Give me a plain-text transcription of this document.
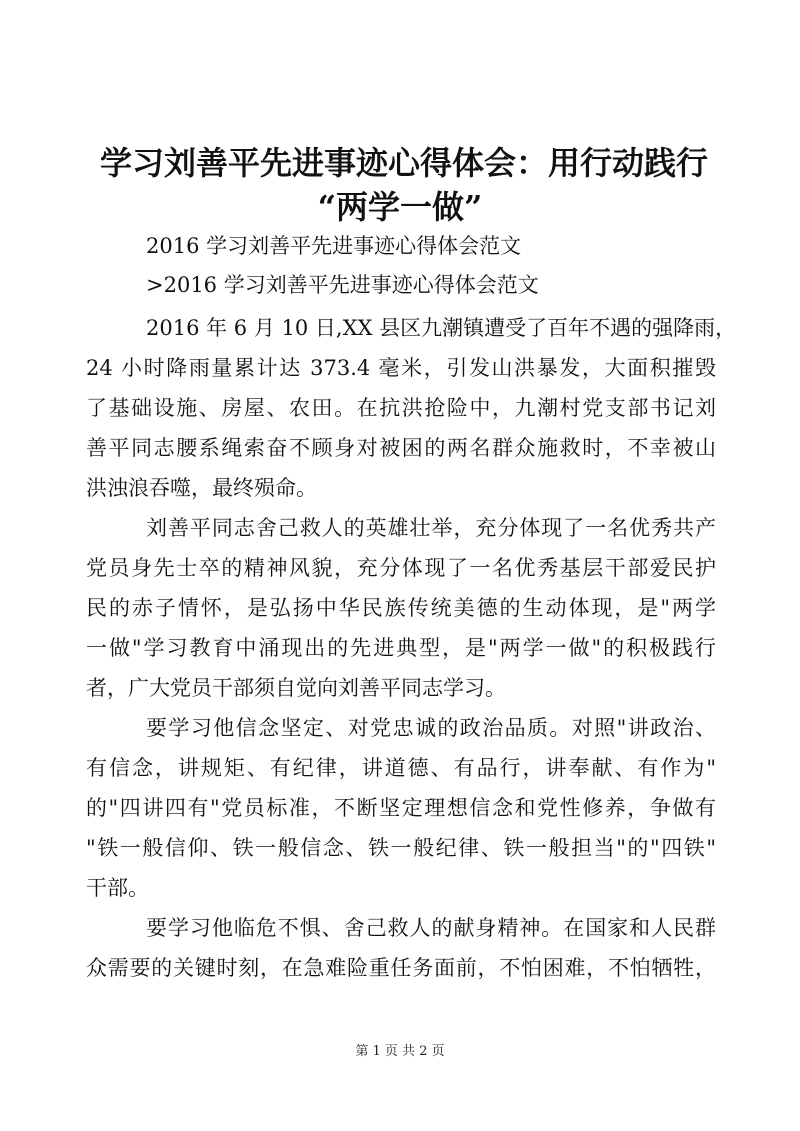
学习刘善平先进事迹心得体会：用行动践行
“两学一做”
2016 学习刘善平先进事迹心得体会范文
>2016 学习刘善平先进事迹心得体会范文
2016 年 6 月 10 日,XX 县区九潮镇遭受了百年不遇的强降雨，
24 小时降雨量累计达 373.4 毫米，引发山洪暴发，大面积摧毁
了基础设施、房屋、农田。在抗洪抢险中，九潮村党支部书记刘
善平同志腰系绳索奋不顾身对被困的两名群众施救时，不幸被山
洪浊浪吞噬，最终殒命。
刘善平同志舍己救人的英雄壮举，充分体现了一名优秀共产
党员身先士卒的精神风貌，充分体现了一名优秀基层干部爱民护
民的赤子情怀，是弘扬中华民族传统美德的生动体现，是"两学
一做"学习教育中涌现出的先进典型，是"两学一做"的积极践行
者，广大党员干部须自觉向刘善平同志学习。
要学习他信念坚定、对党忠诚的政治品质。对照"讲政治、
有信念，讲规矩、有纪律，讲道德、有品行，讲奉献、有作为"
的"四讲四有"党员标准，不断坚定理想信念和党性修养，争做有
"铁一般信仰、铁一般信念、铁一般纪律、铁一般担当"的"四铁"
干部。
要学习他临危不惧、舍己救人的献身精神。在国家和人民群
众需要的关键时刻，在急难险重任务面前，不怕困难，不怕牺牲，
第 1 页 共 2 页
